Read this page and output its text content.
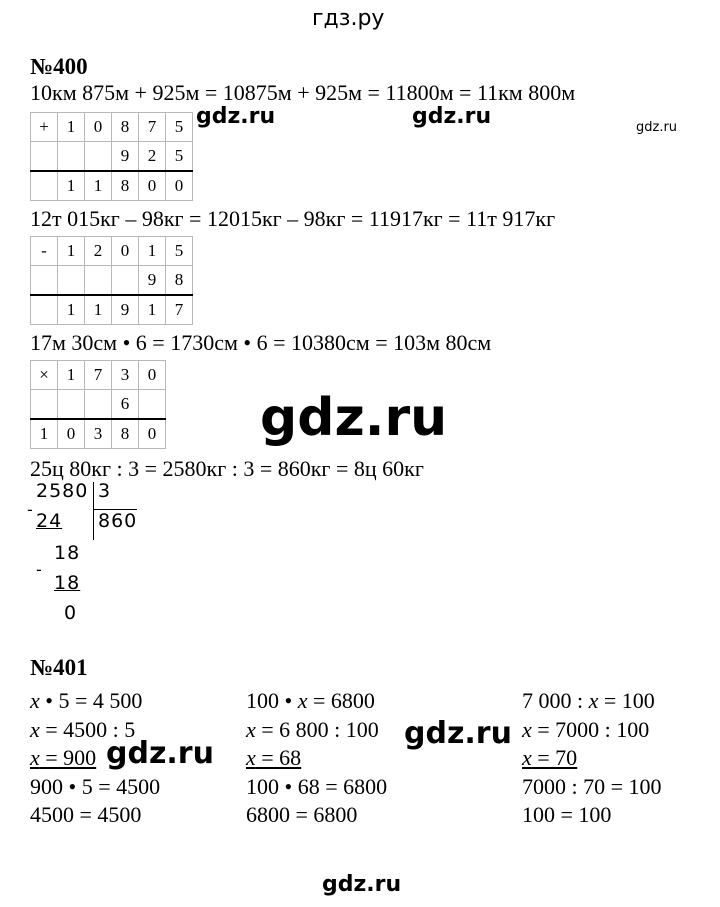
гдз.ру
№400
10км 875м + 925м = 10875м + 925м = 11800м = 11км 800м
+	1	0	8	7	5
			9	2	5
	1	1	8	0	0
gdz.ru	gdz.ru	gdz.ru
12т 015кг – 98кг = 12015кг – 98кг = 11917кг = 11т 917кг
-	1	2	0	1	5
				9	8
	1	1	9	1	7
17м 30см • 6 = 1730см • 6 = 10380см = 103м 80см
×	1	7	3	0
			6	
1	0	3	8	0 gdz.ru
25ц 80кг : 3 = 2580кг : 3 = 860кг = 8ц 60кг
2580 3
860
-
24
18
-
18
0
№401
x • 5 = 4 500
x = 4500 : 5
x = 900
900 • 5 = 4500
4500 = 4500
100 • x = 6800
x = 6 800 : 100
x = 68
100 • 68 = 6800
6800 = 6800
7 000 : x = 100
x = 7000 : 100
x = 70
7000 : 70 = 100
100 = 100
gdz.ru
gdz.ru
gdz.ru
